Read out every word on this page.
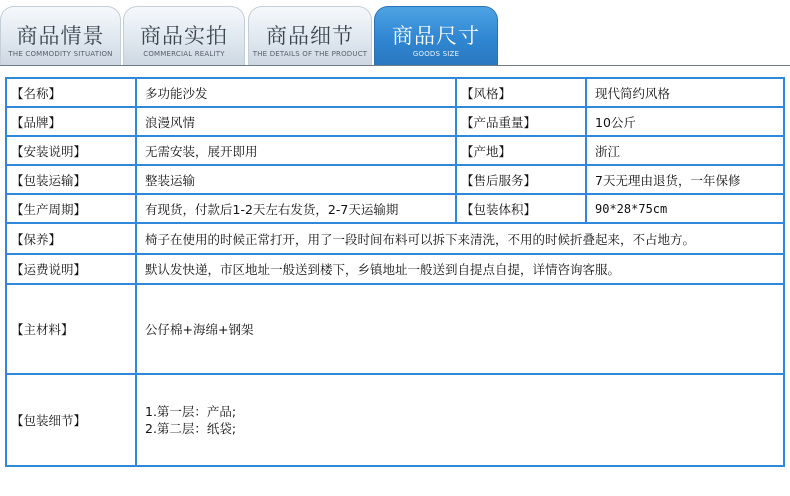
商品情景
THE COMMODITY SITUATION
商品实拍
COMMERCIAL REALITY
商品细节
THE DETAILS OF THE PRODUCT
商品尺寸
GOODS SIZE
【名称】	多功能沙发	【风格】	现代简约风格
【品牌】	浪漫风情	【产品重量】	10公斤
【安装说明】	无需安装，展开即用	【产地】	浙江
【包装运输】	整装运输	【售后服务】	7天无理由退货，一年保修
【生产周期】	有现货，付款后1-2天左右发货，2-7天运输期	【包装体积】	90*28*75cm
【保养】	椅子在使用的时候正常打开，用了一段时间布料可以拆下来清洗，不用的时候折叠起来，不占地方。
【运费说明】	默认发快递，市区地址一般送到楼下，乡镇地址一般送到自提点自提，详情咨询客服。
【主材料】	公仔棉+海绵+钢架
【包装细节】
1.第一层：产品;
2.第二层：纸袋;
